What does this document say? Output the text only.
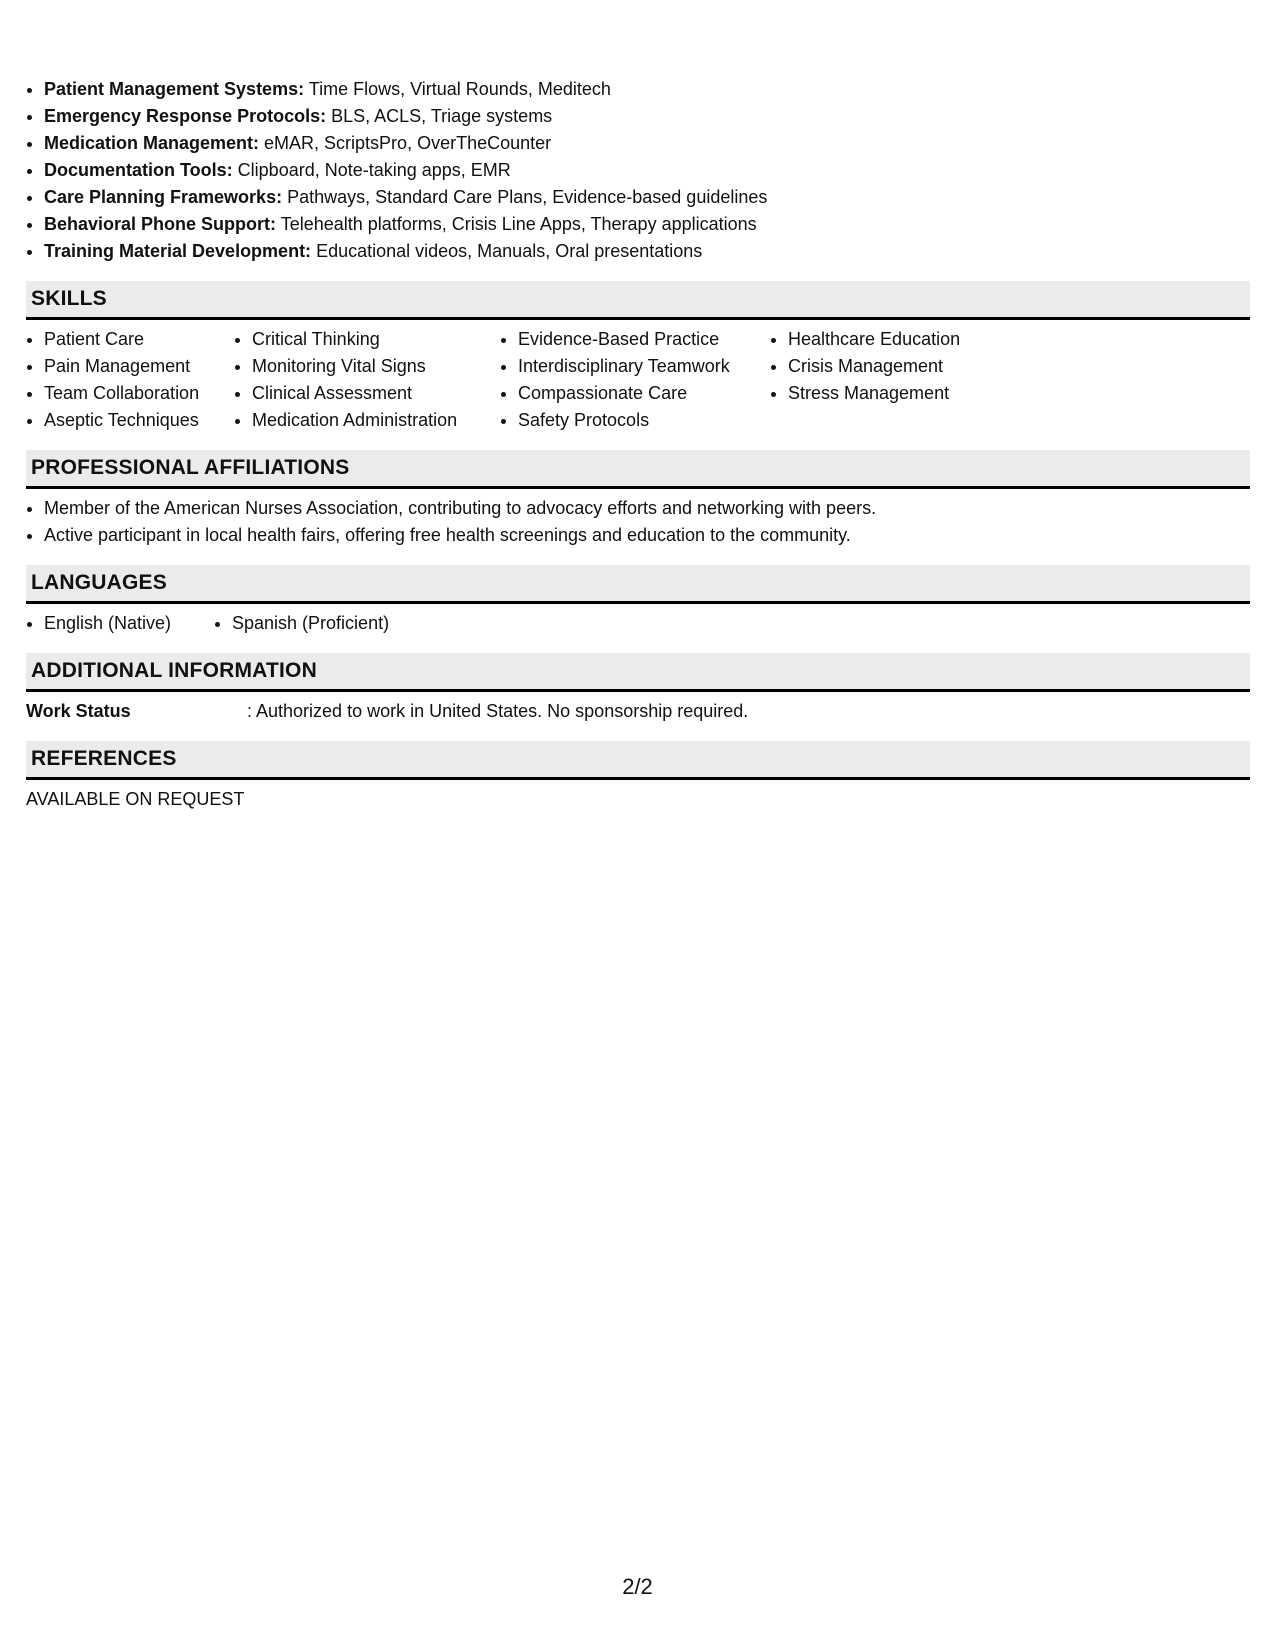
• Patient Management Systems: Time Flows, Virtual Rounds, Meditech
• Emergency Response Protocols: BLS, ACLS, Triage systems
• Medication Management: eMAR, ScriptsPro, OverTheCounter
• Documentation Tools: Clipboard, Note-taking apps, EMR
• Care Planning Frameworks: Pathways, Standard Care Plans, Evidence-based guidelines
• Behavioral Phone Support: Telehealth platforms, Crisis Line Apps, Therapy applications
• Training Material Development: Educational videos, Manuals, Oral presentations
SKILLS
• Patient Care
• Pain Management
• Team Collaboration
• Aseptic Techniques
• Critical Thinking
• Monitoring Vital Signs
• Clinical Assessment
• Medication Administration
• Evidence-Based Practice
• Interdisciplinary Teamwork
• Compassionate Care
• Safety Protocols
• Healthcare Education
• Crisis Management
• Stress Management
PROFESSIONAL AFFILIATIONS
• Member of the American Nurses Association, contributing to advocacy efforts and networking with peers.
• Active participant in local health fairs, offering free health screenings and education to the community.
LANGUAGES
• English (Native)
•	Spanish (Proficient)
ADDITIONAL INFORMATION
Work Status	: Authorized to work in United States. No sponsorship required.
REFERENCES
AVAILABLE ON REQUEST
2/2
